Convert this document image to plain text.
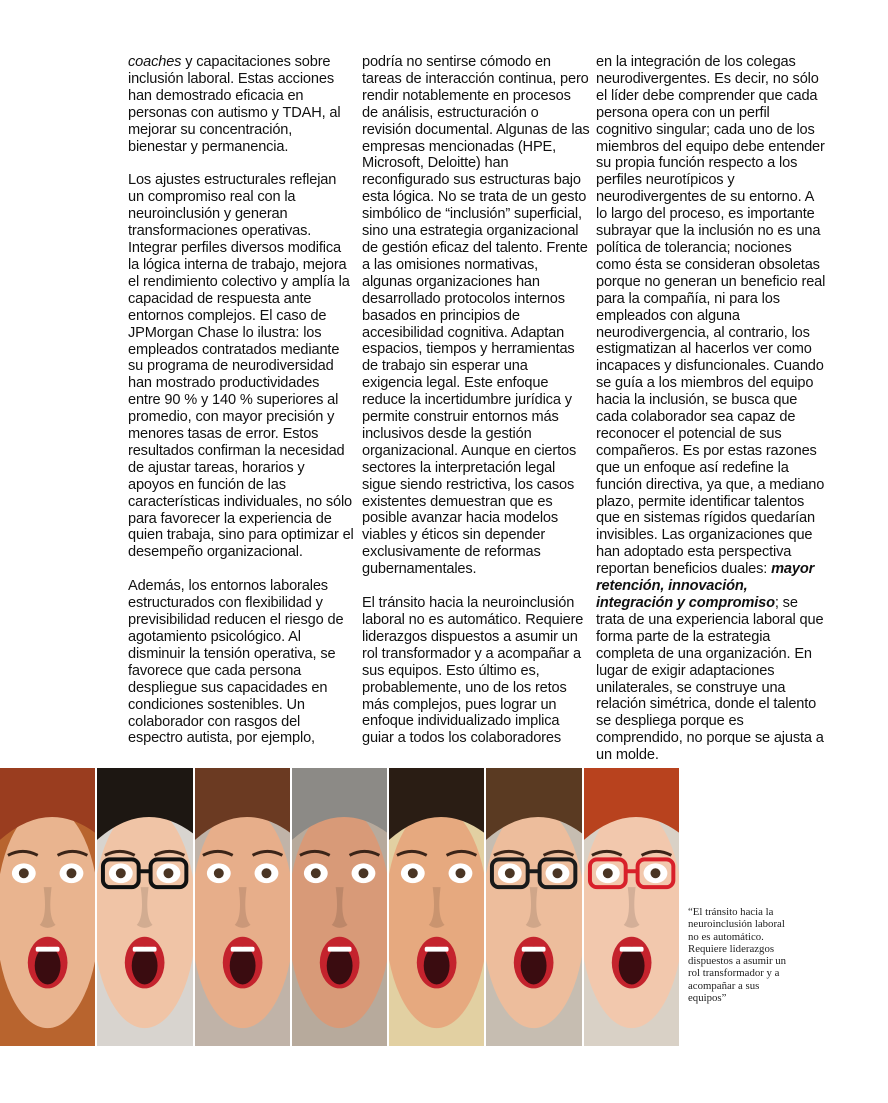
coaches y capacitaciones sobre inclusión laboral. Estas acciones han demostrado eficacia en personas con autismo y TDAH, al mejorar su concentración, bienestar y permanencia.

Los ajustes estructurales reflejan un compromiso real con la neuroinclusión y generan transformaciones operativas. Integrar perfiles diversos modifica la lógica interna de trabajo, mejora el rendimiento colectivo y amplía la capacidad de respuesta ante entornos complejos. El caso de JPMorgan Chase lo ilustra: los empleados contratados mediante su programa de neurodiversidad han mostrado productividades entre 90 % y 140 % superiores al promedio, con mayor precisión y menores tasas de error. Estos resultados confirman la necesidad de ajustar tareas, horarios y apoyos en función de las características individuales, no sólo para favorecer la experiencia de quien trabaja, sino para optimizar el desempeño organizacional.

Además, los entornos laborales estructurados con flexibilidad y previsibilidad reducen el riesgo de agotamiento psicológico. Al disminuir la tensión operativa, se favorece que cada persona despliegue sus capacidades en condiciones sostenibles. Un colaborador con rasgos del espectro autista, por ejemplo,

podría no sentirse cómodo en tareas de interacción continua, pero rendir notablemente en procesos de análisis, estructuración o revisión documental. Algunas de las empresas mencionadas (HPE, Microsoft, Deloitte) han reconfigurado sus estructuras bajo esta lógica. No se trata de un gesto simbólico de “inclusión” superficial, sino una estrategia organizacional de gestión eficaz del talento. Frente a las omisiones normativas, algunas organizaciones han desarrollado protocolos internos basados en principios de accesibilidad cognitiva. Adaptan espacios, tiempos y herramientas de trabajo sin esperar una exigencia legal. Este enfoque reduce la incertidumbre jurídica y permite construir entornos más inclusivos desde la gestión organizacional. Aunque en ciertos sectores la interpretación legal sigue siendo restrictiva, los casos existentes demuestran que es posible avanzar hacia modelos viables y éticos sin depender exclusivamente de reformas gubernamentales.

El tránsito hacia la neuroinclusión laboral no es automático. Requiere liderazgos dispuestos a asumir un rol transformador y a acompañar a sus equipos. Esto último es, probablemente, uno de los retos más complejos, pues lograr un enfoque individualizado implica guiar a todos los colaboradores

en la integración de los colegas neurodivergentes. Es decir, no sólo el líder debe comprender que cada persona opera con un perfil cognitivo singular; cada uno de los miembros del equipo debe entender su propia función respecto a los perfiles neurotípicos y neurodivergentes de su entorno. A lo largo del proceso, es importante subrayar que la inclusión no es una política de tolerancia; nociones como ésta se consideran obsoletas porque no generan un beneficio real para la compañía, ni para los empleados con alguna neurodivergencia, al contrario, los estigmatizan al hacerlos ver como incapaces y disfuncionales. Cuando se guía a los miembros del equipo hacia la inclusión, se busca que cada colaborador sea capaz de reconocer el potencial de sus compañeros. Es por estas razones que un enfoque así redefine la función directiva, ya que, a mediano plazo, permite identificar talentos que en sistemas rígidos quedarían invisibles. Las organizaciones que han adoptado esta perspectiva reportan beneficios duales: mayor retención, innovación, integración y compromiso; se trata de una experiencia laboral que forma parte de la estrategia completa de una organización. En lugar de exigir adaptaciones unilaterales, se construye una relación simétrica, donde el talento se despliega porque es comprendido, no porque se ajusta a un molde.

“El tránsito hacia la neuroinclusión laboral no es automático. Requiere liderazgos dispuestos a asumir un rol transformador y a acompañar a sus equipos”
